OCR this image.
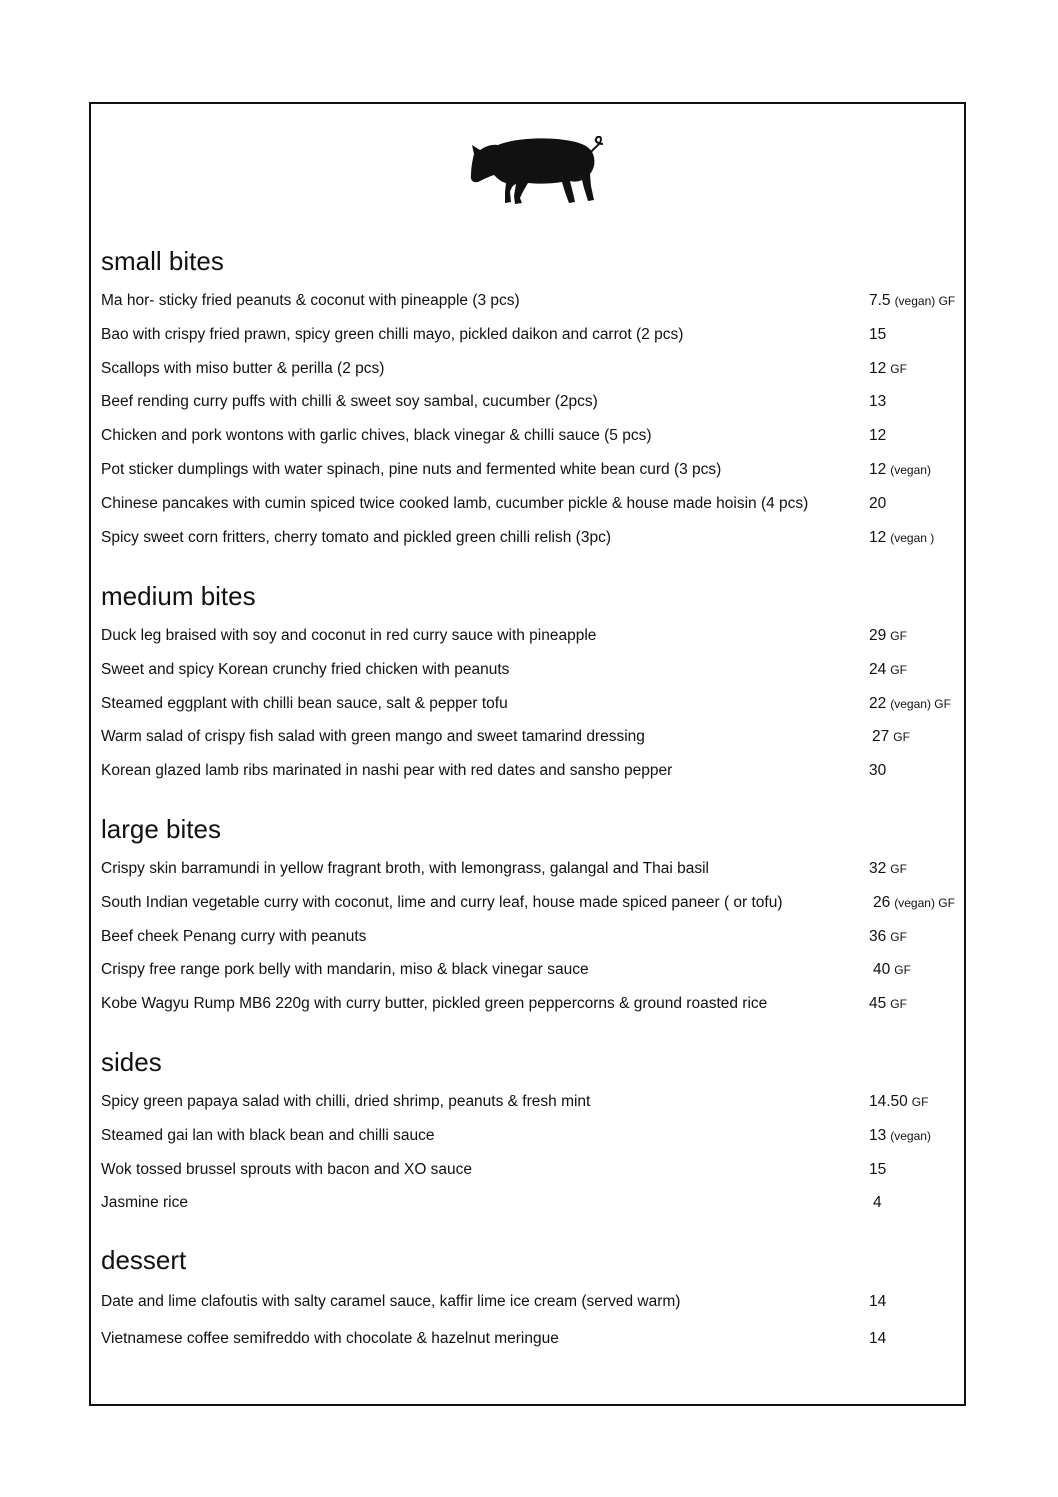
small bites
Ma hor- sticky fried peanuts & coconut with pineapple (3 pcs)	7.5 (vegan) GF
Bao with crispy fried prawn, spicy green chilli mayo, pickled daikon and carrot (2 pcs)	15
Scallops with miso butter & perilla (2 pcs)	12 GF
Beef rending curry puffs with chilli & sweet soy sambal, cucumber (2pcs)	13
Chicken and pork wontons with garlic chives, black vinegar & chilli sauce (5 pcs)	12
Pot sticker dumplings with water spinach, pine nuts and fermented white bean curd (3 pcs)	12 (vegan)
Chinese pancakes with cumin spiced twice cooked lamb, cucumber pickle & house made hoisin (4 pcs)	20
Spicy sweet corn fritters, cherry tomato and pickled green chilli relish (3pc)	12 (vegan )
medium bites
Duck leg braised with soy and coconut in red curry sauce with pineapple	29 GF
Sweet and spicy Korean crunchy fried chicken with peanuts	24 GF
Steamed eggplant with chilli bean sauce, salt & pepper tofu	22 (vegan) GF
Warm salad of crispy fish salad with green mango and sweet tamarind dressing	27 GF
Korean glazed lamb ribs marinated in nashi pear with red dates and sansho pepper	30
large bites
Crispy skin barramundi in yellow fragrant broth, with lemongrass, galangal and Thai basil	32 GF
South Indian vegetable curry with coconut, lime and curry leaf, house made spiced paneer ( or tofu)	26 (vegan) GF
Beef cheek Penang curry with peanuts	36 GF
Crispy free range pork belly with mandarin, miso & black vinegar sauce	40 GF
Kobe Wagyu Rump MB6 220g with curry butter, pickled green peppercorns & ground roasted rice	45 GF
sides
Spicy green papaya salad with chilli, dried shrimp, peanuts & fresh mint	14.50 GF
Steamed gai lan with black bean and chilli sauce	13 (vegan)
Wok tossed brussel sprouts with bacon and XO sauce	15
Jasmine rice	4
dessert
Date and lime clafoutis with salty caramel sauce, kaffir lime ice cream (served warm)	14
Vietnamese coffee semifreddo with chocolate & hazelnut meringue	14
